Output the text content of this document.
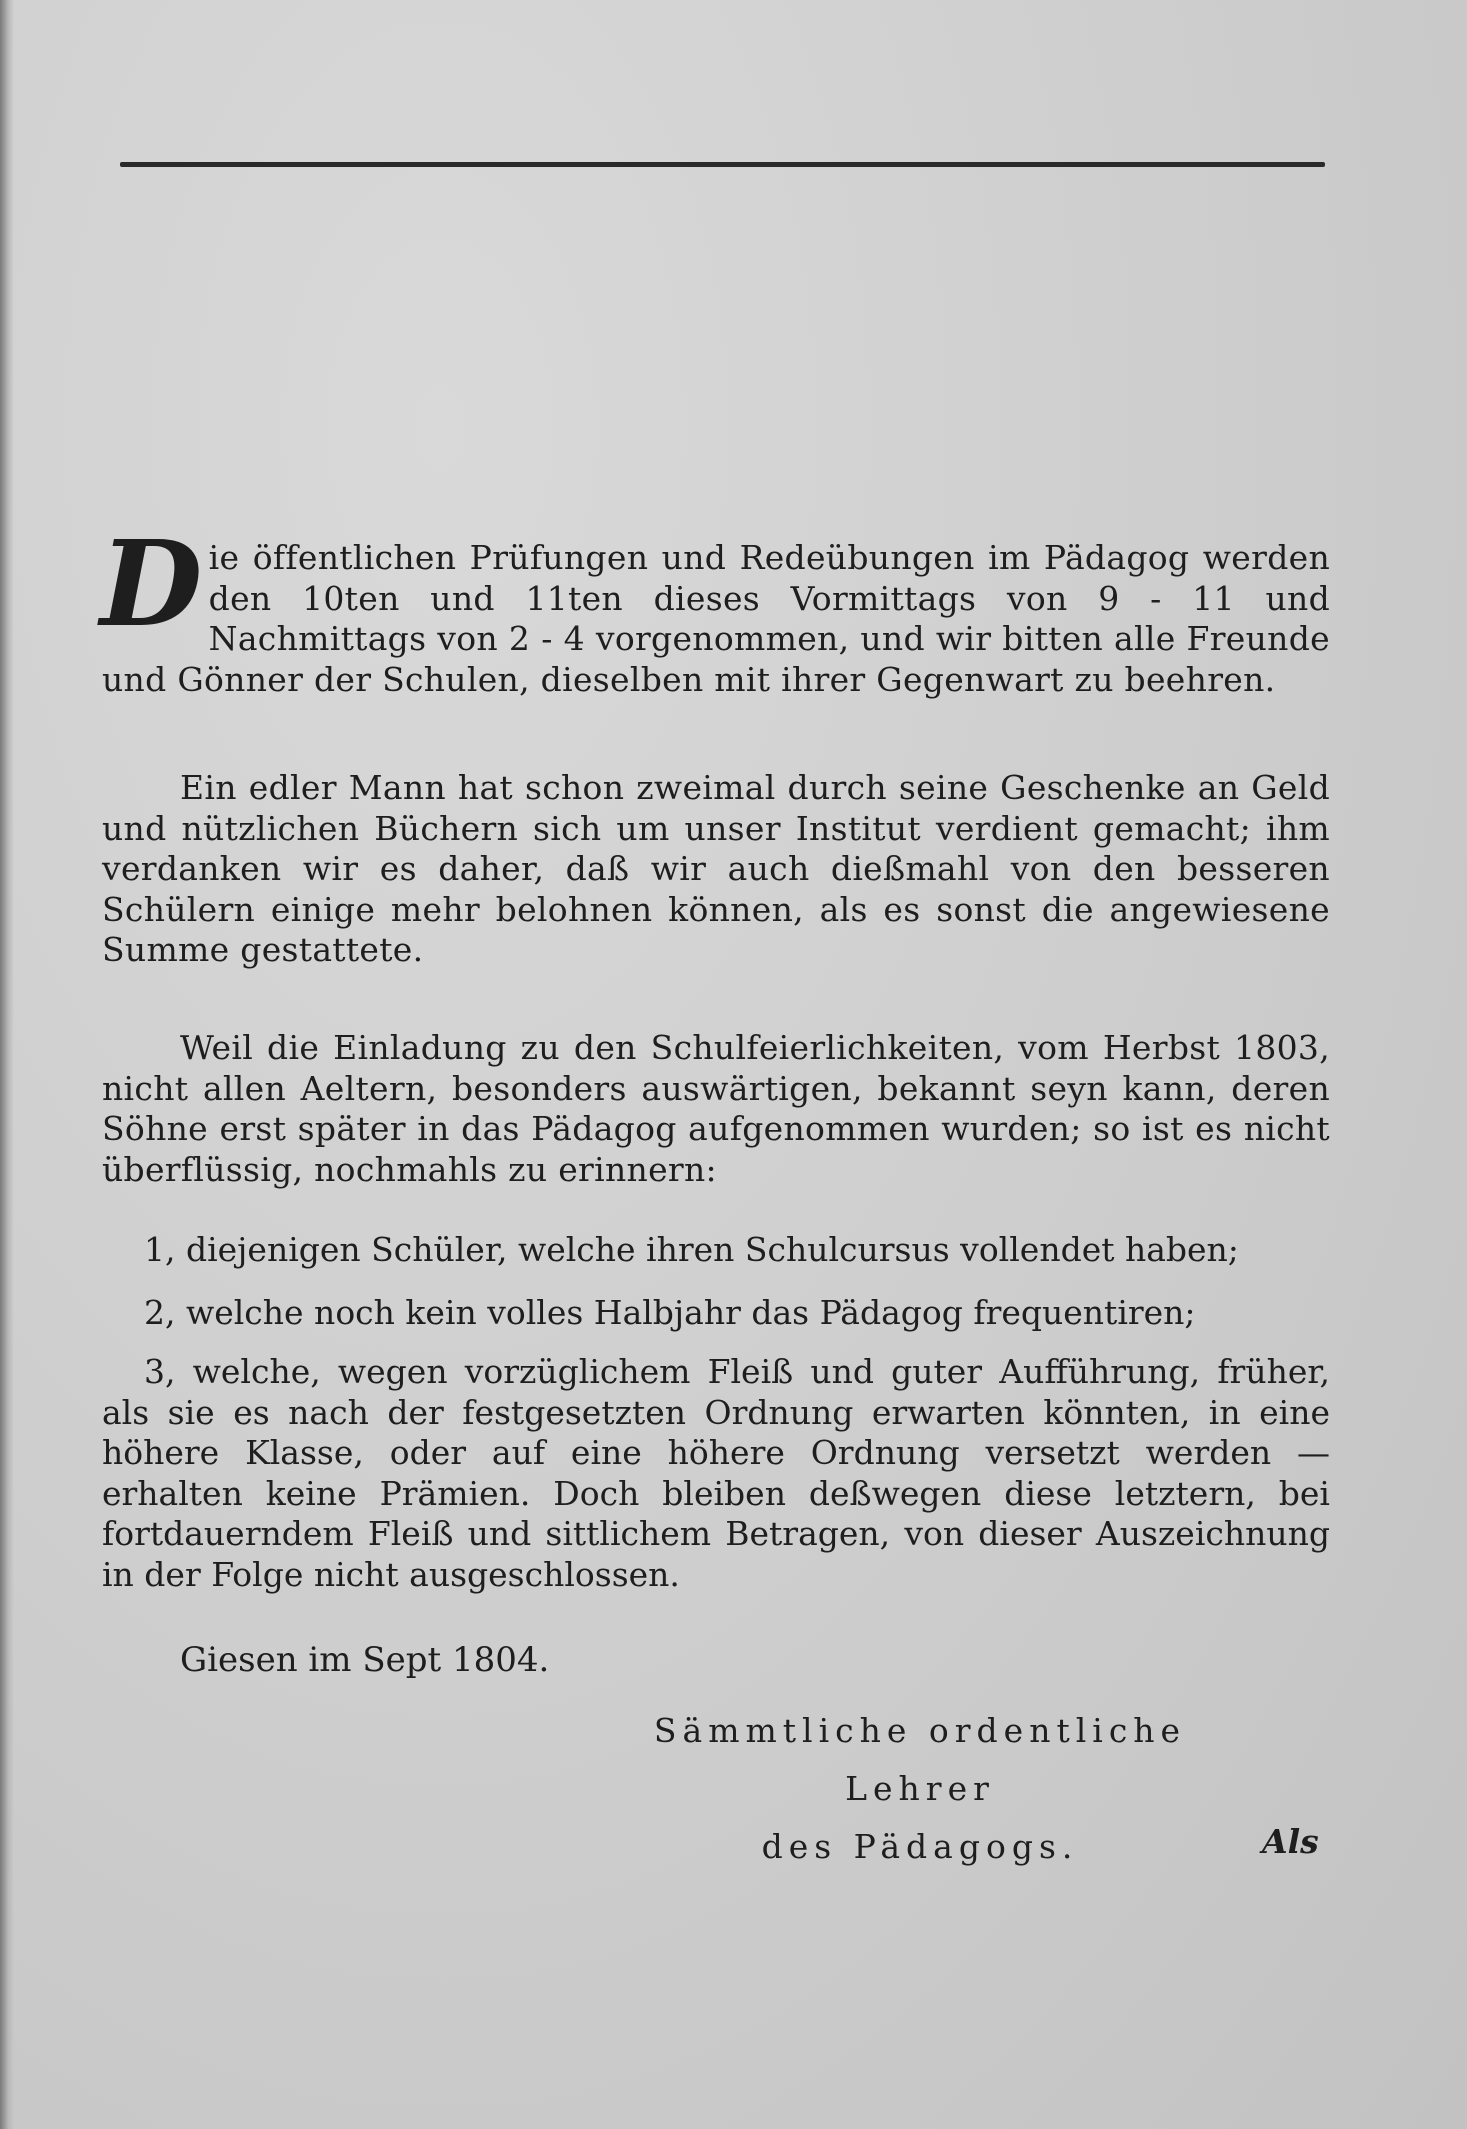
Die öffentlichen Prüfungen und Redeübungen im Pädagog werden den 10ten und 11ten dieses Vormittags von 9 - 11 und Nachmittags von 2 - 4 vorgenommen, und wir bitten alle Freunde und Gönner der Schulen, dieselben mit ihrer Gegenwart zu beehren.
Ein edler Mann hat schon zweimal durch seine Geschenke an Geld und nützlichen Büchern sich um unser Institut verdient gemacht; ihm verdanken wir es daher, daß wir auch dießmahl von den besseren Schülern einige mehr belohnen können, als es sonst die angewiesene Summe gestattete.
Weil die Einladung zu den Schulfeierlichkeiten, vom Herbst 1803, nicht allen Aeltern, besonders auswärtigen, bekannt seyn kann, deren Söhne erst später in das Pädagog aufgenommen wurden; so ist es nicht überflüssig, nochmahls zu erinnern:
1, diejenigen Schüler, welche ihren Schulcursus vollendet haben;
2, welche noch kein volles Halbjahr das Pädagog frequentiren;
3, welche, wegen vorzüglichem Fleiß und guter Aufführung, früher, als sie es nach der festgesetzten Ordnung erwarten könnten, in eine höhere Klasse, oder auf eine höhere Ordnung versetzt werden — erhalten keine Prämien. Doch bleiben deßwegen diese letztern, bei fortdauerndem Fleiß und sittlichem Betragen, von dieser Auszeichnung in der Folge nicht ausgeschlossen.
Giesen im Sept 1804.
Sämmtliche ordentliche Lehrer
des Pädagogs.	Als
